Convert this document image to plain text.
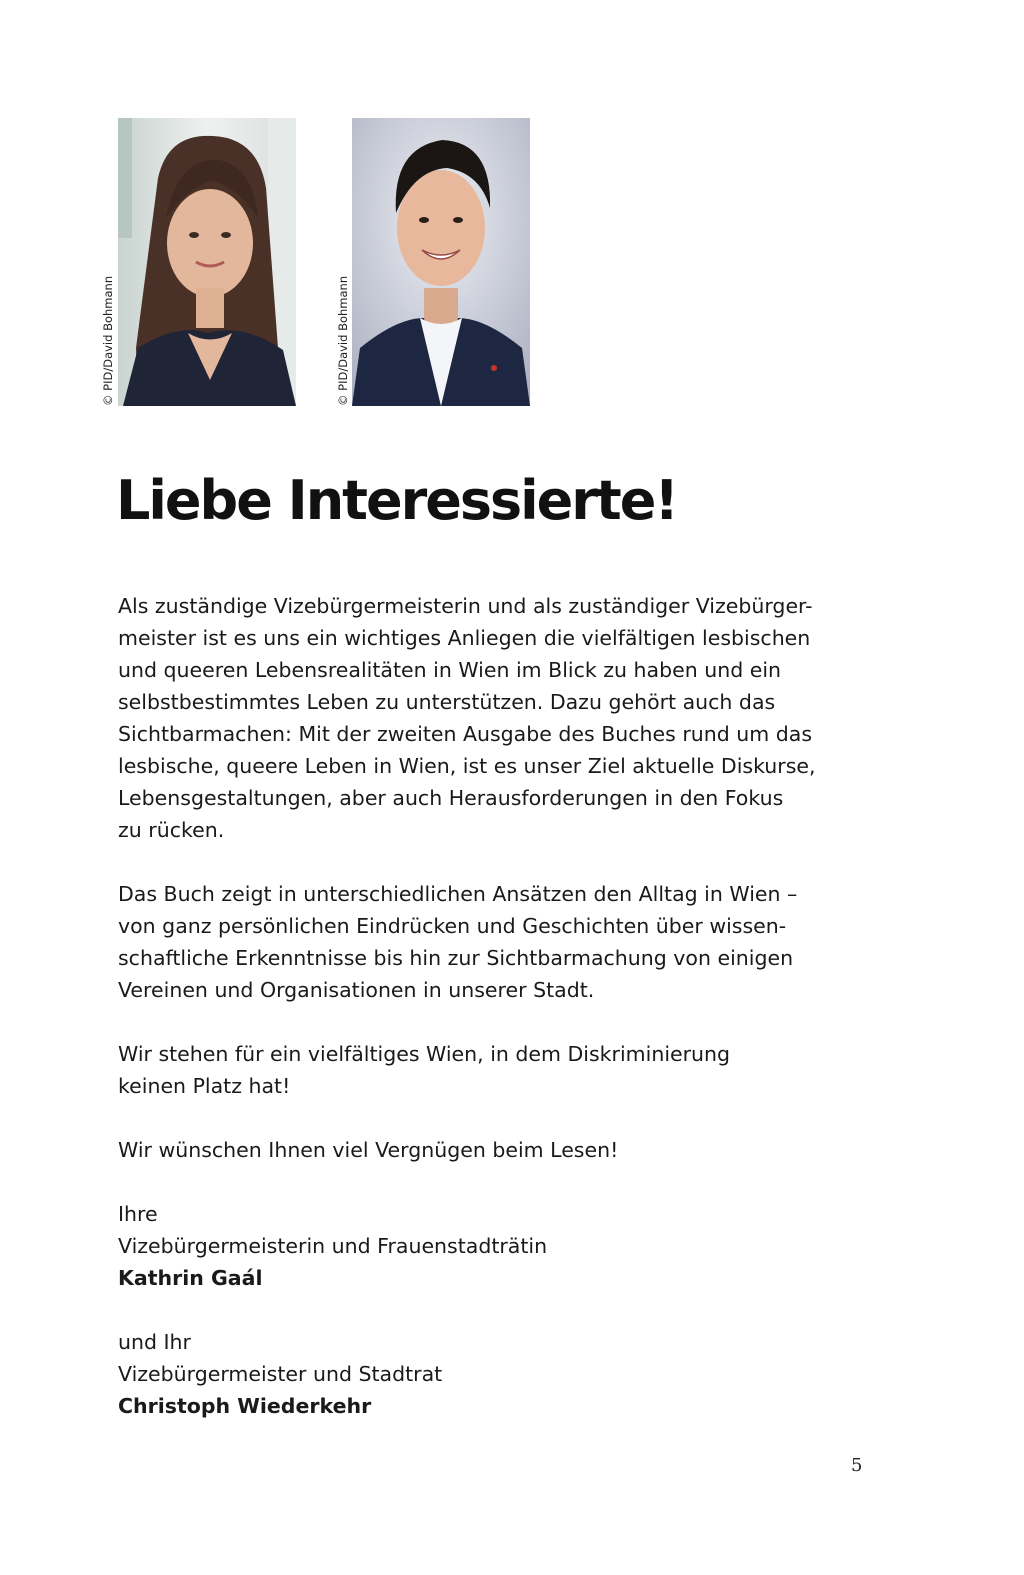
© PID/David Bohmann	© PID/David Bohmann
Liebe Interessierte!

Als zuständige Vizebürgermeisterin und als zuständiger Vizebürger-
meister ist es uns ein wichtiges Anliegen die vielfältigen lesbischen
und queeren Lebensrealitäten in Wien im Blick zu haben und ein
selbstbestimmtes Leben zu unterstützen. Dazu gehört auch das
Sichtbarmachen: Mit der zweiten Ausgabe des Buches rund um das
lesbische, queere Leben in Wien, ist es unser Ziel aktuelle Diskurse,
Lebensgestaltungen, aber auch Herausforderungen in den Fokus
zu rücken.

Das Buch zeigt in unterschiedlichen Ansätzen den Alltag in Wien –
von ganz persönlichen Eindrücken und Geschichten über wissen-
schaftliche Erkenntnisse bis hin zur Sichtbarmachung von einigen
Vereinen und Organisationen in unserer Stadt.

Wir stehen für ein vielfältiges Wien, in dem Diskriminierung
keinen Platz hat!

Wir wünschen Ihnen viel Vergnügen beim Lesen!

Ihre
Vizebürgermeisterin und Frauenstadträtin
Kathrin Gaál

und Ihr
Vizebürgermeister und Stadtrat
Christoph Wiederkehr

5
